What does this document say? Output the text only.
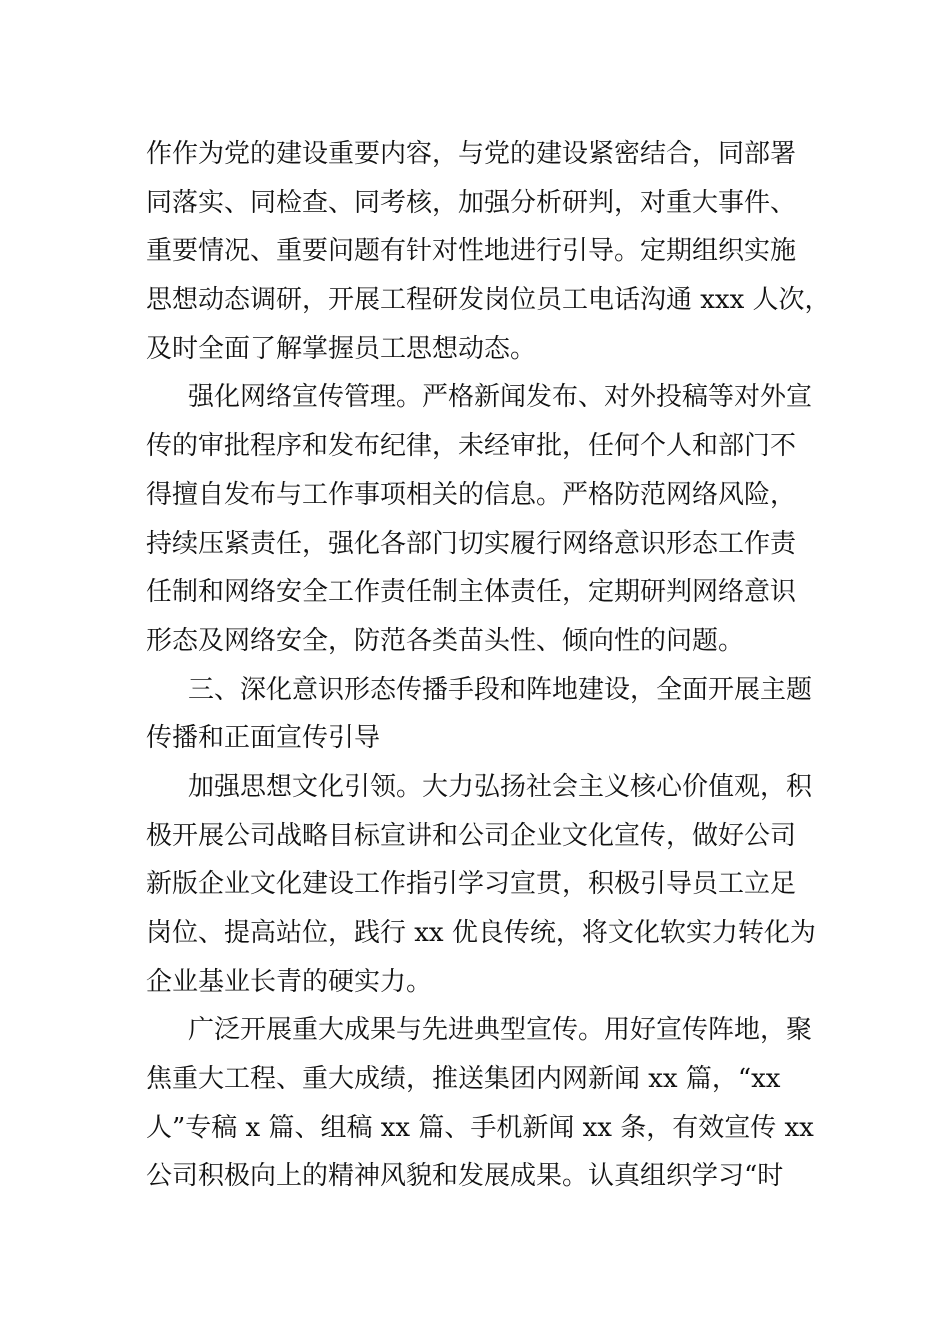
作作为党的建设重要内容，与党的建设紧密结合，同部署
同落实、同检查、同考核，加强分析研判，对重大事件、
重要情况、重要问题有针对性地进行引导。定期组织实施
思想动态调研，开展工程研发岗位员工电话沟通 xxx 人次，
及时全面了解掌握员工思想动态。
强化网络宣传管理。严格新闻发布、对外投稿等对外宣
传的审批程序和发布纪律，未经审批，任何个人和部门不
得擅自发布与工作事项相关的信息。严格防范网络风险，
持续压紧责任，强化各部门切实履行网络意识形态工作责
任制和网络安全工作责任制主体责任，定期研判网络意识
形态及网络安全，防范各类苗头性、倾向性的问题。
三、深化意识形态传播手段和阵地建设，全面开展主题
传播和正面宣传引导
加强思想文化引领。大力弘扬社会主义核心价值观，积
极开展公司战略目标宣讲和公司企业文化宣传，做好公司
新版企业文化建设工作指引学习宣贯，积极引导员工立足
岗位、提高站位，践行 xx 优良传统，将文化软实力转化为
企业基业长青的硬实力。
广泛开展重大成果与先进典型宣传。用好宣传阵地，聚
焦重大工程、重大成绩，推送集团内网新闻 xx 篇，“xx
人”专稿 x 篇、组稿 xx 篇、手机新闻 xx 条，有效宣传 xx
公司积极向上的精神风貌和发展成果。认真组织学习“时
